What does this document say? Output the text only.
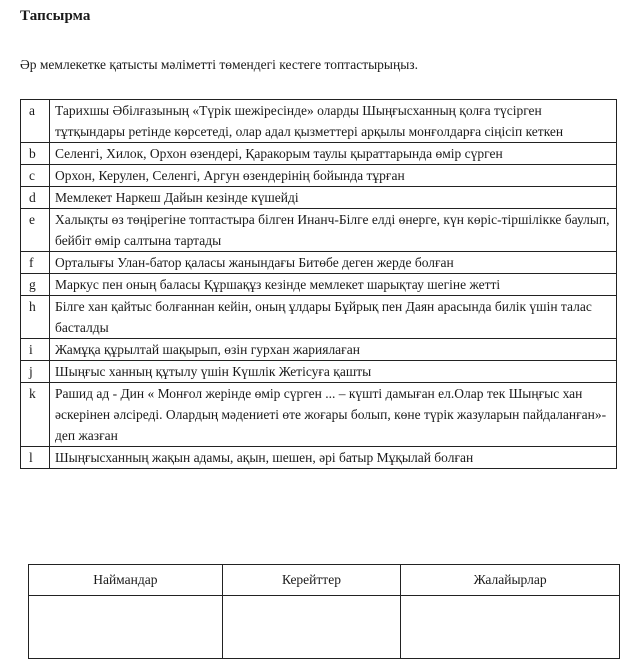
Тапсырма
Әр мемлекетке қатысты мәліметті төмендегі кестеге топтастырыңыз.
a	Тарихшы Әбілғазының «Түрік шежіресінде» оларды Шыңғысханның қолға түсірген тұтқындары ретінде көрсетеді, олар адал қызметтері арқылы монғолдарға сіңісіп кеткен
b	Селенгі, Хилок, Орхон өзендері, Қаракорым таулы қыраттарында өмір сүрген
c	Орхон, Керулен, Селенгі, Аргун өзендерінің бойында тұрған
d	Мемлекет Наркеш Дайын кезінде күшейді
e	Халықты өз төңірегіне топтастыра білген Инанч-Білге елді өнерге, күн көріс-тіршілікке баулып, бейбіт өмір салтына тартады
f	Орталығы Улан-батор қаласы жанындағы Битөбе деген жерде болған
g	Маркус пен оның баласы Құршақұз кезінде мемлекет шарықтау шегіне жетті
h	Білге хан қайтыс болғаннан кейін, оның ұлдары Бұйрық пен Даян арасында билік үшін талас басталды
i	Жамұқа құрылтай шақырып, өзін гурхан жариялаған
j	Шыңғыс ханның құтылу үшін Күшлік Жетісуға қашты
k	Рашид ад - Дин « Монғол жерінде өмір сүрген ... – күшті дамыған ел.Олар тек Шыңғыс хан әскерінен әлсіреді. Олардың мәдениеті өте жоғары болып, көне түрік жазуларын пайдаланған»- деп жазған
l	Шыңғысханның жақын адамы, ақын, шешен, әрі батыр Мұқылай болған
Наймандар	Керейттер	Жалайырлар
